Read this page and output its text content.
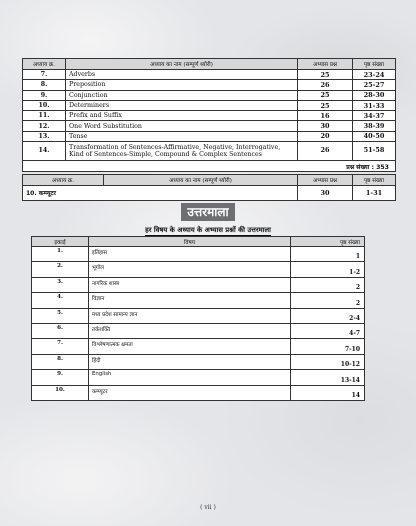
अध्याय क्र.	अध्याय का नाम (सम्पूर्ण थ्योरी)	अभ्यास प्रश्न	पृष्ठ संख्या
7.	Adverbs	25	23-24
8.	Preposition	26	25-27
9.	Conjunction	25	28-30
10.	Determiners	25	31-33
11.	Prefix and Suffix	16	34-37
12.	One Word Substitution	30	38-39
13.	Tense	20	40-50
14.	Transformation of Sentences-Affirmative, Negative, Interrogative, Kind of Sentences-Simple, Compound & Complex Sentences	26	51-58
प्रश्न संख्या : 353			
अध्याय क्र.	अध्याय का नाम (सम्पूर्ण थ्योरी)	अभ्यास प्रश्न	पृष्ठ संख्या
10. कम्प्यूटर		30	1-31
उत्तरमाला
हर विषय के अध्याय के अभ्यास प्रश्नों की उत्तरमाला
इकाई	विषय	पृष्ठ संख्या
1.	इतिहास	1
2.	भूगोल	1-2
3.	नागरिक शास्त्र	2
4.	विज्ञान	2
5.	मध्य प्रदेश सामान्य ज्ञान	2-4
6.	तर्कशक्ति	4-7
7.	विश्लेषणात्मक क्षमता	7-10
8.	हिंदी	10-12
9.	English	13-14
10.	कम्प्यूटर	14
( vii )
